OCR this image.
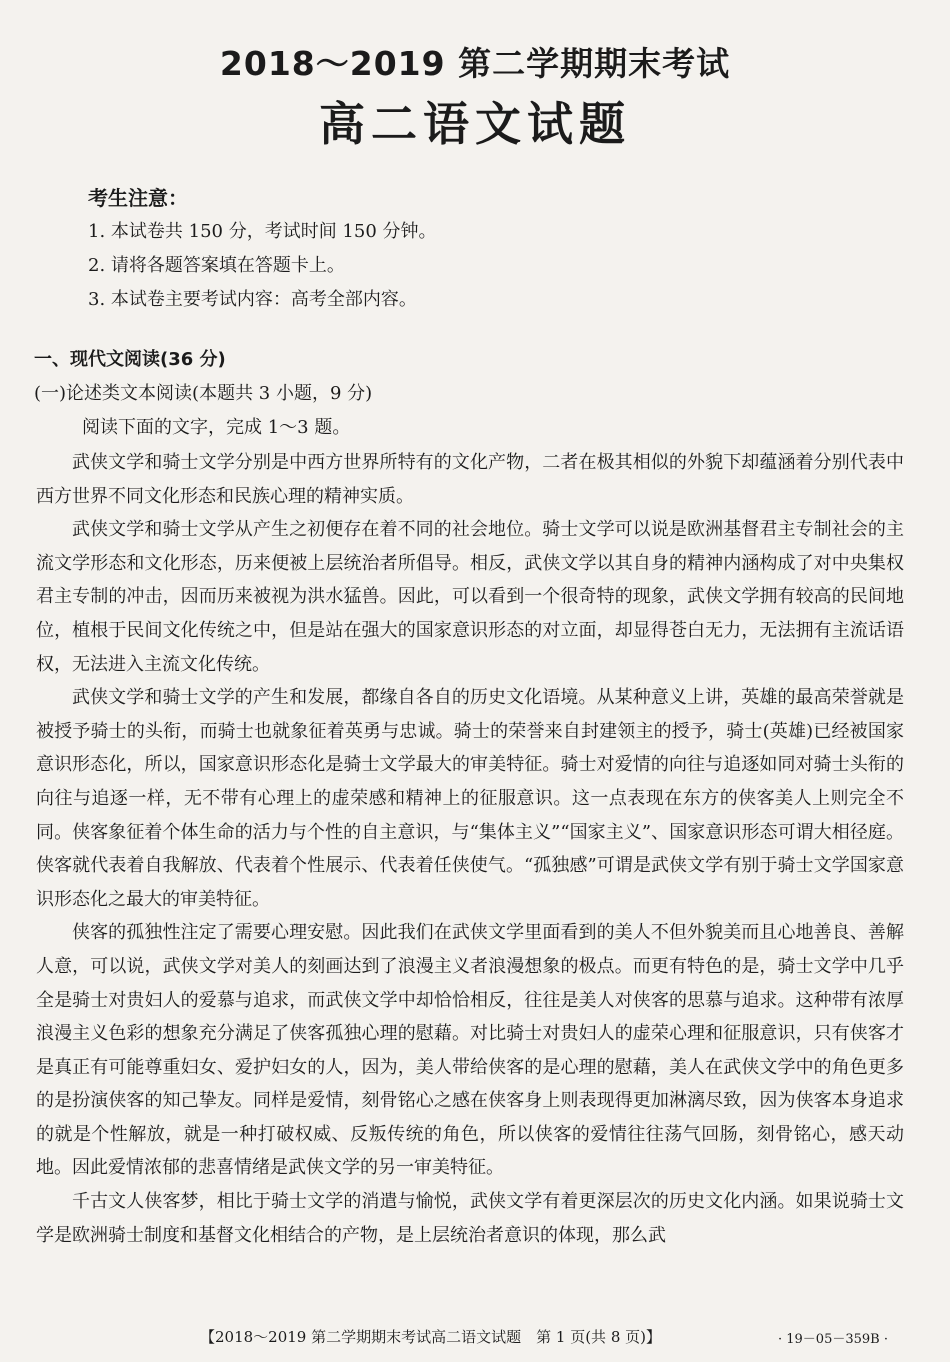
2018～2019 第二学期期末考试
高二语文试题
考生注意：
1. 本试卷共 150 分，考试时间 150 分钟。
2. 请将各题答案填在答题卡上。
3. 本试卷主要考试内容：高考全部内容。
一、现代文阅读(36 分)
(一)论述类文本阅读(本题共 3 小题，9 分)
阅读下面的文字，完成 1～3 题。

武侠文学和骑士文学分别是中西方世界所特有的文化产物，二者在极其相似的外貌下却蕴涵着分别代表中西方世界不同文化形态和民族心理的精神实质。

武侠文学和骑士文学从产生之初便存在着不同的社会地位。骑士文学可以说是欧洲基督君主专制社会的主流文学形态和文化形态，历来便被上层统治者所倡导。相反，武侠文学以其自身的精神内涵构成了对中央集权君主专制的冲击，因而历来被视为洪水猛兽。因此，可以看到一个很奇特的现象，武侠文学拥有较高的民间地位，植根于民间文化传统之中，但是站在强大的国家意识形态的对立面，却显得苍白无力，无法拥有主流话语权，无法进入主流文化传统。

武侠文学和骑士文学的产生和发展，都缘自各自的历史文化语境。从某种意义上讲，英雄的最高荣誉就是被授予骑士的头衔，而骑士也就象征着英勇与忠诚。骑士的荣誉来自封建领主的授予，骑士(英雄)已经被国家意识形态化，所以，国家意识形态化是骑士文学最大的审美特征。骑士对爱情的向往与追逐如同对骑士头衔的向往与追逐一样，无不带有心理上的虚荣感和精神上的征服意识。这一点表现在东方的侠客美人上则完全不同。侠客象征着个体生命的活力与个性的自主意识，与“集体主义”“国家主义”、国家意识形态可谓大相径庭。侠客就代表着自我解放、代表着个性展示、代表着任侠使气。“孤独感”可谓是武侠文学有别于骑士文学国家意识形态化之最大的审美特征。

侠客的孤独性注定了需要心理安慰。因此我们在武侠文学里面看到的美人不但外貌美而且心地善良、善解人意，可以说，武侠文学对美人的刻画达到了浪漫主义者浪漫想象的极点。而更有特色的是，骑士文学中几乎全是骑士对贵妇人的爱慕与追求，而武侠文学中却恰恰相反，往往是美人对侠客的思慕与追求。这种带有浓厚浪漫主义色彩的想象充分满足了侠客孤独心理的慰藉。对比骑士对贵妇人的虚荣心理和征服意识，只有侠客才是真正有可能尊重妇女、爱护妇女的人，因为，美人带给侠客的是心理的慰藉，美人在武侠文学中的角色更多的是扮演侠客的知己挚友。同样是爱情，刻骨铭心之感在侠客身上则表现得更加淋漓尽致，因为侠客本身追求的就是个性解放，就是一种打破权威、反叛传统的角色，所以侠客的爱情往往荡气回肠，刻骨铭心，感天动地。因此爱情浓郁的悲喜情绪是武侠文学的另一审美特征。

千古文人侠客梦，相比于骑士文学的消遣与愉悦，武侠文学有着更深层次的历史文化内涵。如果说骑士文学是欧洲骑士制度和基督文化相结合的产物，是上层统治者意识的体现，那么武

【2018～2019 第二学期期末考试高二语文试题　第 1 页(共 8 页)】	· 19－05－359B ·
